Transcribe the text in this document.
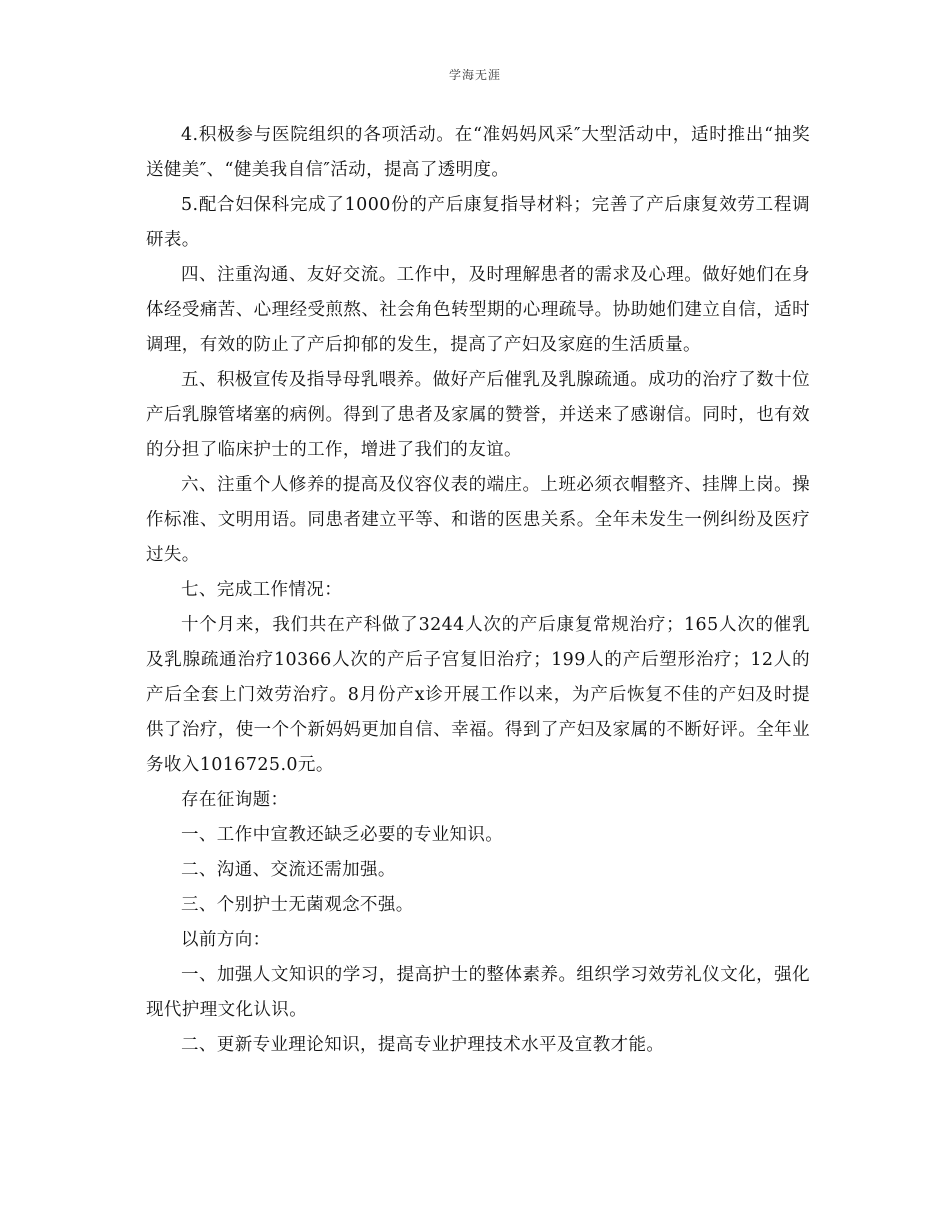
学海无涯

4.积极参与医院组织的各项活动。在“准妈妈风采″大型活动中，适时推出“抽奖送健美″、“健美我自信″活动，提高了透明度。

5.配合妇保科完成了1000份的产后康复指导材料；完善了产后康复效劳工程调研表。

四、注重沟通、友好交流。工作中，及时理解患者的需求及心理。做好她们在身体经受痛苦、心理经受煎熬、社会角色转型期的心理疏导。协助她们建立自信，适时调理，有效的防止了产后抑郁的发生，提高了产妇及家庭的生活质量。

五、积极宣传及指导母乳喂养。做好产后催乳及乳腺疏通。成功的治疗了数十位产后乳腺管堵塞的病例。得到了患者及家属的赞誉，并送来了感谢信。同时，也有效的分担了临床护士的工作，增进了我们的友谊。

六、注重个人修养的提高及仪容仪表的端庄。上班必须衣帽整齐、挂牌上岗。操作标准、文明用语。同患者建立平等、和谐的医患关系。全年未发生一例纠纷及医疗过失。

七、完成工作情况：

十个月来，我们共在产科做了3244人次的产后康复常规治疗；165人次的催乳及乳腺疏通治疗10366人次的产后子宫复旧治疗；199人的产后塑形治疗；12人的产后全套上门效劳治疗。8月份产x诊开展工作以来，为产后恢复不佳的产妇及时提供了治疗，使一个个新妈妈更加自信、幸福。得到了产妇及家属的不断好评。全年业务收入1016725.0元。

存在征询题：

一、工作中宣教还缺乏必要的专业知识。

二、沟通、交流还需加强。

三、个别护士无菌观念不强。

以前方向：

一、加强人文知识的学习，提高护士的整体素养。组织学习效劳礼仪文化，强化现代护理文化认识。

二、更新专业理论知识，提高专业护理技术水平及宣教才能。
